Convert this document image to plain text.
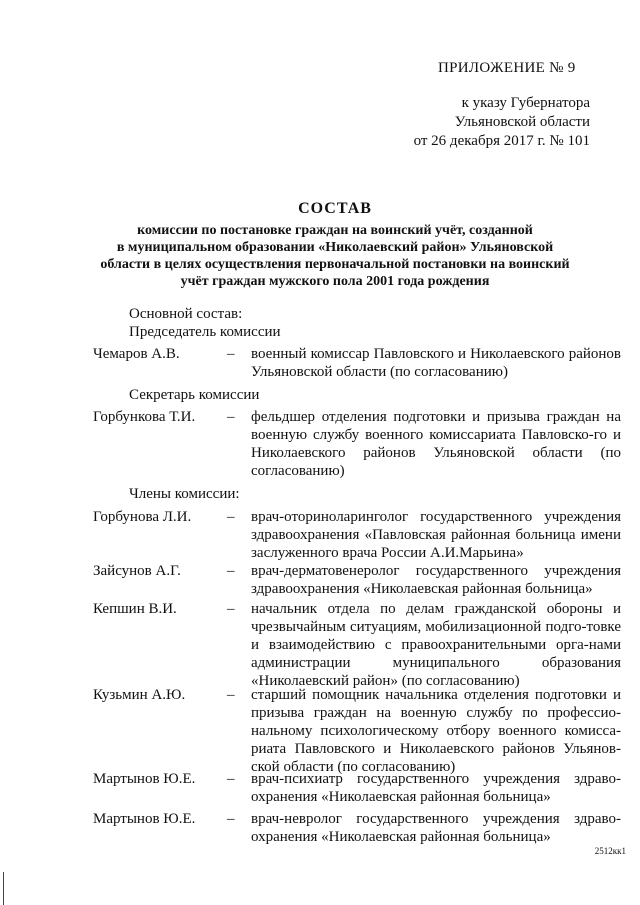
ПРИЛОЖЕНИЕ № 9
к указу Губернатора
Ульяновской области
от 26 декабря 2017 г. № 101
СОСТАВ
комиссии по постановке граждан на воинский учёт, созданной
в муниципальном образовании «Николаевский район» Ульяновской
области в целях осуществления первоначальной постановки на воинский
учёт граждан мужского пола 2001 года рождения
Основной состав:
Председатель комиссии
Чемаров А.В.	– военный комиссар Павловского и Николаевского районов Ульяновской области (по согласованию)
Секретарь комиссии
Горбункова Т.И. – фельдшер отделения подготовки и призыва граждан на военную службу военного комиссариата Павловско-го и Николаевского районов Ульяновской области (по согласованию)
Члены комиссии:
Горбунова Л.И. – врач-оториноларинголог государственного учреждения здравоохранения «Павловская районная больница имени заслуженного врача России А.И.Марьина»
Зайсунов А.Г.	– врач-дерматовенеролог государственного учреждения здравоохранения «Николаевская районная больница»
Кепшин В.И.	– начальник отдела по делам гражданской обороны и чрезвычайным ситуациям, мобилизационной подго-товке и взаимодействию с правоохранительными орга-нами администрации муниципального образования «Николаевский район» (по согласованию)
Кузьмин А.Ю.	– старший помощник начальника отделения подготовки и призыва граждан на военную службу по профессио-нальному психологическому отбору военного комисса-риата Павловского и Николаевского районов Ульянов-ской области (по согласованию)
Мартынов Ю.Е. – врач-психиатр государственного учреждения здраво-охранения «Николаевская районная больница»
Мартынов Ю.Е. – врач-невролог государственного учреждения здраво-охранения «Николаевская районная больница»
2512кк1
